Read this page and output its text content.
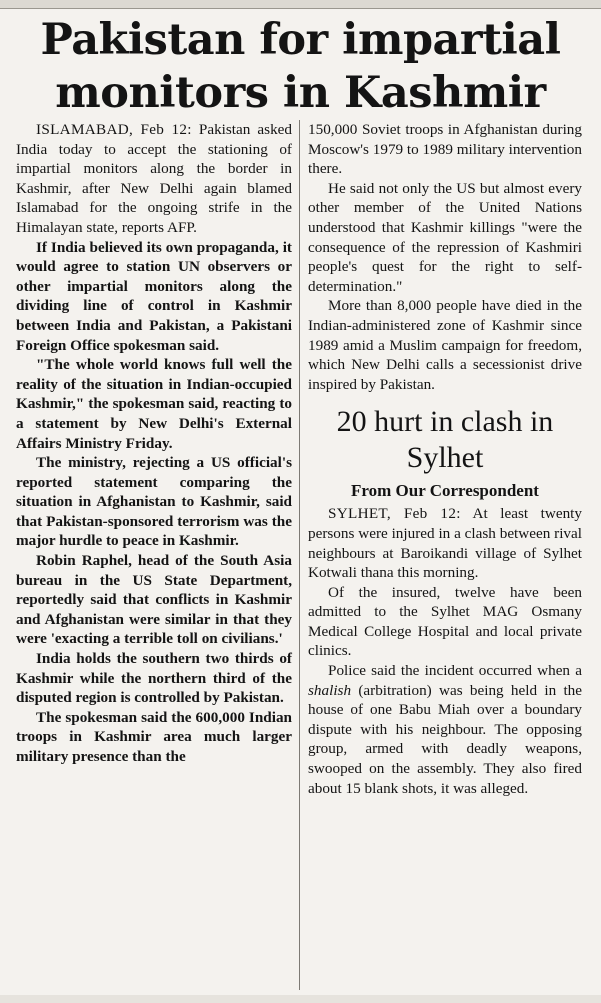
Pakistan for impartial
monitors in Kashmir

ISLAMABAD, Feb 12: Pakistan asked India today to accept the stationing of impartial monitors along the border in Kashmir, after New Delhi again blamed Islamabad for the ongoing strife in the Himalayan state, reports AFP.

If India believed its own propaganda, it would agree to station UN observers or other impartial monitors along the dividing line of control in Kashmir between India and Pakistan, a Pakistani Foreign Office spokesman said.

"The whole world knows full well the reality of the situation in Indian-occupied Kashmir," the spokesman said, reacting to a statement by New Delhi's External Affairs Ministry Friday.

The ministry, rejecting a US official's reported statement comparing the situation in Afghanistan to Kashmir, said that Pakistan-sponsored terrorism was the major hurdle to peace in Kashmir.

Robin Raphel, head of the South Asia bureau in the US State Department, reportedly said that conflicts in Kashmir and Afghanistan were similar in that they were 'exacting a terrible toll on civilians.'

India holds the southern two thirds of Kashmir while the northern third of the disputed region is controlled by Pakistan.

The spokesman said the 600,000 Indian troops in Kashmir area much larger military presence than the

150,000 Soviet troops in Afghanistan during Moscow's 1979 to 1989 military intervention there.

He said not only the US but almost every other member of the United Nations understood that Kashmir killings "were the consequence of the repression of Kashmiri people's quest for the right to self-determination."

More than 8,000 people have died in the Indian-administered zone of Kashmir since 1989 amid a Muslim campaign for freedom, which New Delhi calls a secessionist drive inspired by Pakistan.

20 hurt in clash in Sylhet
From Our Correspondent

SYLHET, Feb 12: At least twenty persons were injured in a clash between rival neighbours at Baroikandi village of Sylhet Kotwali thana this morning.

Of the insured, twelve have been admitted to the Sylhet MAG Osmany Medical College Hospital and local private clinics.

Police said the incident occurred when a shalish (arbitration) was being held in the house of one Babu Miah over a boundary dispute with his neighbour. The opposing group, armed with deadly weapons, swooped on the assembly. They also fired about 15 blank shots, it was alleged.
